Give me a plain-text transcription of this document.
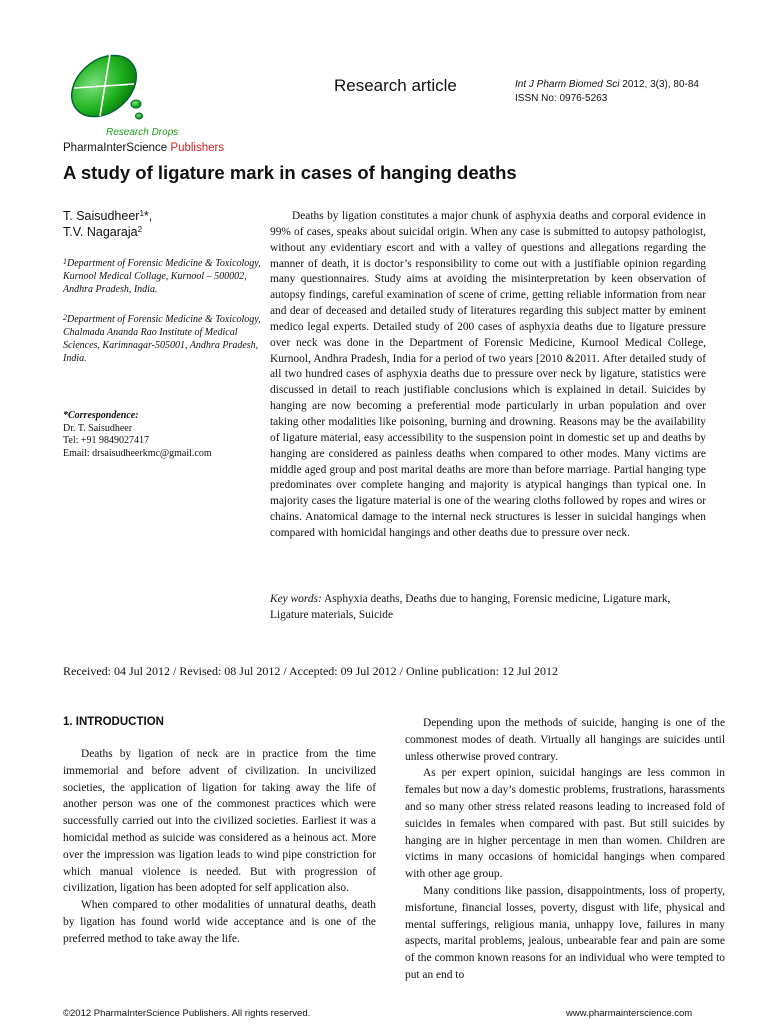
Research Drops
PharmaInterScience Publishers
Research article	Int J Pharm Biomed Sci 2012, 3(3), 80-84
ISSN No: 0976-5263
A study of ligature mark in cases of hanging deaths
T. Saisudheer$^1$*,
T.V. Nagaraja$^2$

$^1$Department of Forensic Medicine & Toxicology, Kurnool Medical Collage, Kurnool – 500002, Andhra Pradesh, India.

$^2$Department of Forensic Medicine & Toxicology, Chalmada Ananda Rao Institute of Medical Sciences, Karimnagar-505001, Andhra Pradesh, India.

*Correspondence:
Dr. T. Saisudheer
Tel: +91 9849027417
Email: drsaisudheerkmc@gmail.com

Deaths by ligation constitutes a major chunk of asphyxia deaths and corporal evidence in 99% of cases, speaks about suicidal origin. When any case is submitted to autopsy pathologist, without any evidentiary escort and with a valley of questions and allegations regarding the manner of death, it is doctor’s responsibility to come out with a justifiable opinion regarding many questionnaires. Study aims at avoiding the misinterpretation by keen observation of autopsy findings, careful examination of scene of crime, getting reliable information from near and dear of deceased and detailed study of literatures regarding this subject matter by eminent medico legal experts. Detailed study of 200 cases of asphyxia deaths due to ligature pressure over neck was done in the Department of Forensic Medicine, Kurnool Medical College, Kurnool, Andhra Pradesh, India for a period of two years [2010 &2011. After detailed study of all two hundred cases of asphyxia deaths due to pressure over neck by ligature, statistics were discussed in detail to reach justifiable conclusions which is explained in detail. Suicides by hanging are now becoming a preferential mode particularly in urban population and over taking other modalities like poisoning, burning and drowning. Reasons may be the availability of ligature material, easy accessibility to the suspension point in domestic set up and deaths by hanging are considered as painless deaths when compared to other modes. Many victims are middle aged group and post marital deaths are more than before marriage. Partial hanging type predominates over complete hanging and majority is atypical hangings than typical one. In majority cases the ligature material is one of the wearing cloths followed by ropes and wires or chains. Anatomical damage to the internal neck structures is lesser in suicidal hangings when compared with homicidal hangings and other deaths due to pressure over neck.

Key words: Asphyxia deaths, Deaths due to hanging, Forensic medicine, Ligature mark, Ligature materials, Suicide
Received: 04 Jul 2012 / Revised: 08 Jul 2012 / Accepted: 09 Jul 2012 / Online publication: 12 Jul 2012
1. INTRODUCTION

Deaths by ligation of neck are in practice from the time immemorial and before advent of civilization. In uncivilized societies, the application of ligation for taking away the life of another person was one of the commonest practices which were successfully carried out into the civilized societies. Earliest it was a homicidal method as suicide was considered as a heinous act. More over the impression was ligation leads to wind pipe constriction for which manual violence is needed. But with progression of civilization, ligation has been adopted for self application also.

When compared to other modalities of unnatural deaths, death by ligation has found world wide acceptance and is one of the preferred method to take away the life.

Depending upon the methods of suicide, hanging is one of the commonest modes of death. Virtually all hangings are suicides until unless otherwise proved contrary.

As per expert opinion, suicidal hangings are less common in females but now a day’s domestic problems, frustrations, harassments and so many other stress related reasons leading to increased fold of suicides in females when compared with past. But still suicides by hanging are in higher percentage in men than women. Children are victims in many occasions of homicidal hangings when compared with other age group.

Many conditions like passion, disappointments, loss of property, misfortune, financial losses, poverty, disgust with life, physical and mental sufferings, religious mania, unhappy love, failures in many aspects, marital problems, jealous, unbearable fear and pain are some of the common known reasons for an individual who were tempted to put an end to

©2012 PharmaInterScience Publishers. All rights reserved.	www.pharmainterscience.com
